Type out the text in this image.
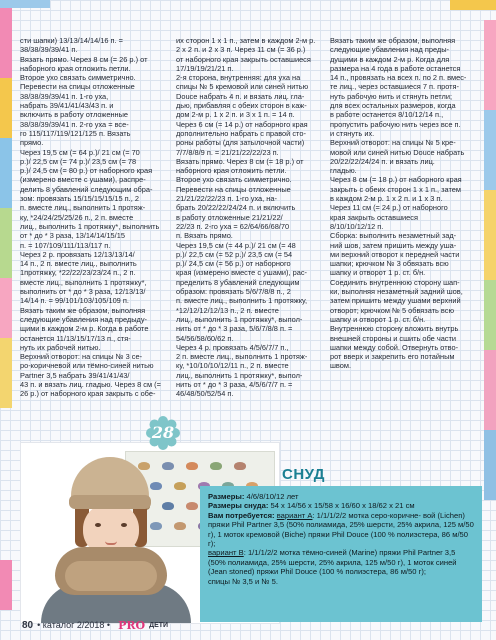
сти шапки) 13/13/14/14/16 п. =

38/38/39/39/41 п.

Вязать прямо. Через 8 см (= 26 р.) от

наборного края отложить петли.

Второе ухо связать симметрично.

Перевести на спицы отложенные

38/38/39/39/41 п. 1-го уха,

набрать 39/41/41/43/43 п. и

включить в работу отложенные

38/38/39/39/41 п. 2-го уха = все-

го 115/117/119/121/125 п. Вязать

прямо.

Через 19,5 см (= 64 р.)/ 21 см (= 70

р.)/ 22,5 см (= 74 р.)/ 23,5 см (= 78

р.)/ 24,5 см (= 80 р.) от наборного края

(измерено вместе с ушами), распре-

делить 8 убавлений следующим обра-

зом: провязать 15/15/15/15/15 п., 2

п. вместе лиц., выполнить 1 протяж-

ку, *24/24/25/25/26 п., 2 п. вместе

лиц., выполнить 1 протяжку*, выполнить

от * до * 3 раза, 13/14/14/15/15

п. = 107/109/111/113/117 п.

Через 2 р. провязать 12/13/13/14/

14 п., 2 п. вместе лиц., выполнить

1протяжку, *22/22/23/23/24 п., 2 п.

вместе лиц., выполнить 1 протяжку*,

выполнить от * до * 3 раза, 12/13/13/

14/14 п. = 99/101/103/105/109 п.

Вязать таким же образом, выполняя

следующие убавления над предыду-

щими в каждом 2-м р. Когда в работе

останется 11/13/15/17/13 п., стя-

нуть их рабочей нитью.

Верхний отворот: на спицы № 3 се-

ро-коричневой или тёмно-синей нитью

Partner 3,5 набрать 39/41/41/43/

43 п. и вязать лиц. гладью. Через 8 см (=

26 р.) от наборного края закрыть с обе-

их сторон 1 х 1 п., затем в каждом 2-м р.

2 х 2 п. и 2 х 3 п. Через 11 см (= 36 р.)

от наборного края закрыть оставшиеся

17/19/19/21/21 п.

2-я сторона, внутренняя: для уха на

спицы № 5 кремовой или синей нитью

Douce набрать 4 п. и вязать лиц. гла-

дью, прибавляя с обеих сторон в каж-

дом 2-м р. 1 х 2 п. и 3 х 1 п. = 14 п.

Через 6 см (= 14 р.) от наборного края

дополнительно набрать с правой сто-

роны работы (для затылочной части)

7/7/8/8/9 п. = 21/21/22/22/23 п.

Вязать прямо. Через 8 см (= 18 р.) от

наборного края отложить петли.

Второе ухо связать симметрично.

Перевести на спицы отложенные

21/21/22/22/23 п. 1-го уха, на-

брать 20/22/22/24/24 п. и включить

в работу отложенные 21/21/22/

22/23 п. 2-го уха = 62/64/66/68/70

п. Вязать прямо.

Через 19,5 см (= 44 р.)/ 21 см (= 48

р.)/ 22,5 см (= 52 р.)/ 23,5 см (= 54

р.)/ 24,5 см (= 56 р.) от наборного

края (измерено вместе с ушами), рас-

пределить 8 убавлений следующим

образом: провязать 5/6/7/8/8 п., 2

п. вместе лиц., выполнить 1 протяжку,

*12/12/12/12/13 п., 2 п. вместе

лиц., выполнить 1 протяжку*, выпол-

нить от * до * 3 раза, 5/6/7/8/8 п. =

54/56/58/60/62 п.

Через 4 р. провязать 4/5/6/7/7 п.,

2 п. вместе лиц., выполнить 1 протяж-

ку, *10/10/10/12/11 п., 2 п. вместе

лиц., выполнить 1 протяжку*, выпол-

нить от * до * 3 раза, 4/5/6/7/7 п. =

46/48/50/52/54 п.

Вязать таким же образом, выполняя

следующие убавления над преды-

дущими в каждом 2-м р. Когда для

размера на 4 года в работе останется

14 п., провязать на всех п. по 2 п. вмес-

те лиц., через оставшиеся 7 п. протя-

нуть рабочую нить и стянуть петли;

для всех остальных размеров, когда

в работе останется 8/10/12/14 п.,

пропустить рабочую нить через все п.

и стянуть их.

Верхний отворот: на спицы № 5 кре-

мовой или синей нитью Douce набрать

20/22/22/24/24 п. и вязать лиц.

гладью.

Через 8 см (= 18 р.) от наборного края

закрыть с обеих сторон 1 х 1 п., затем

в каждом 2-м р. 1 х 2 п. и 1 х 3 п.

Через 11 см (= 24 р.) от наборного

края закрыть оставшиеся

8/10/10/12/12 п.

Сборка: выполнить незаметный зад-

ний шов, затем пришить между уша-

ми верхний отворот к передней части

шапки; крючком № 3 обвязать всю

шапку и отворот 1 р. ст. б/н.

Соединить внутреннюю сторону шап-

ки, выполняя незаметный задний шов,

затем пришить между ушами верхний

отворот; крючком № 5 обвязать всю

шапку и отворот 1 р. ст. б/н.

Внутреннюю сторону вложить внутрь

внешней стороны и сшить обе части

шапки между собой. Отвернуть отво-

рот вверх и закрепить его потайным

швом.

28
СНУД

Размеры: 4/6/8/10/12 лет

Размеры снуда: 54 х 14/56 х 15/58 х 16/60 х 18/62 х 21 см

Вам потребуется: вариант А: 1/1/1/2/2 мотка серо-коричне- вой (Lichen) пряжи Phil Partner 3,5 (50% полиамида, 25% шерсти, 25% акрила, 125 м/50 г), 1 моток кремовой (Biche) пряжи Phil Douce (100 % полиэстера, 86 м/50 г);

вариант В: 1/1/1/2/2 мотка тёмно-синей (Marine) пряжи Phil Partner 3,5 (50% полиамида, 25% шерсти, 25% акрила, 125 м/50 г), 1 моток синей (Jean stoned) пряжи Phil Douce (100 % полиэстера, 86 м/50 г);

спицы № 3,5 и № 5.

80 • каталог 2/2018 • PRO ДЕТИ
